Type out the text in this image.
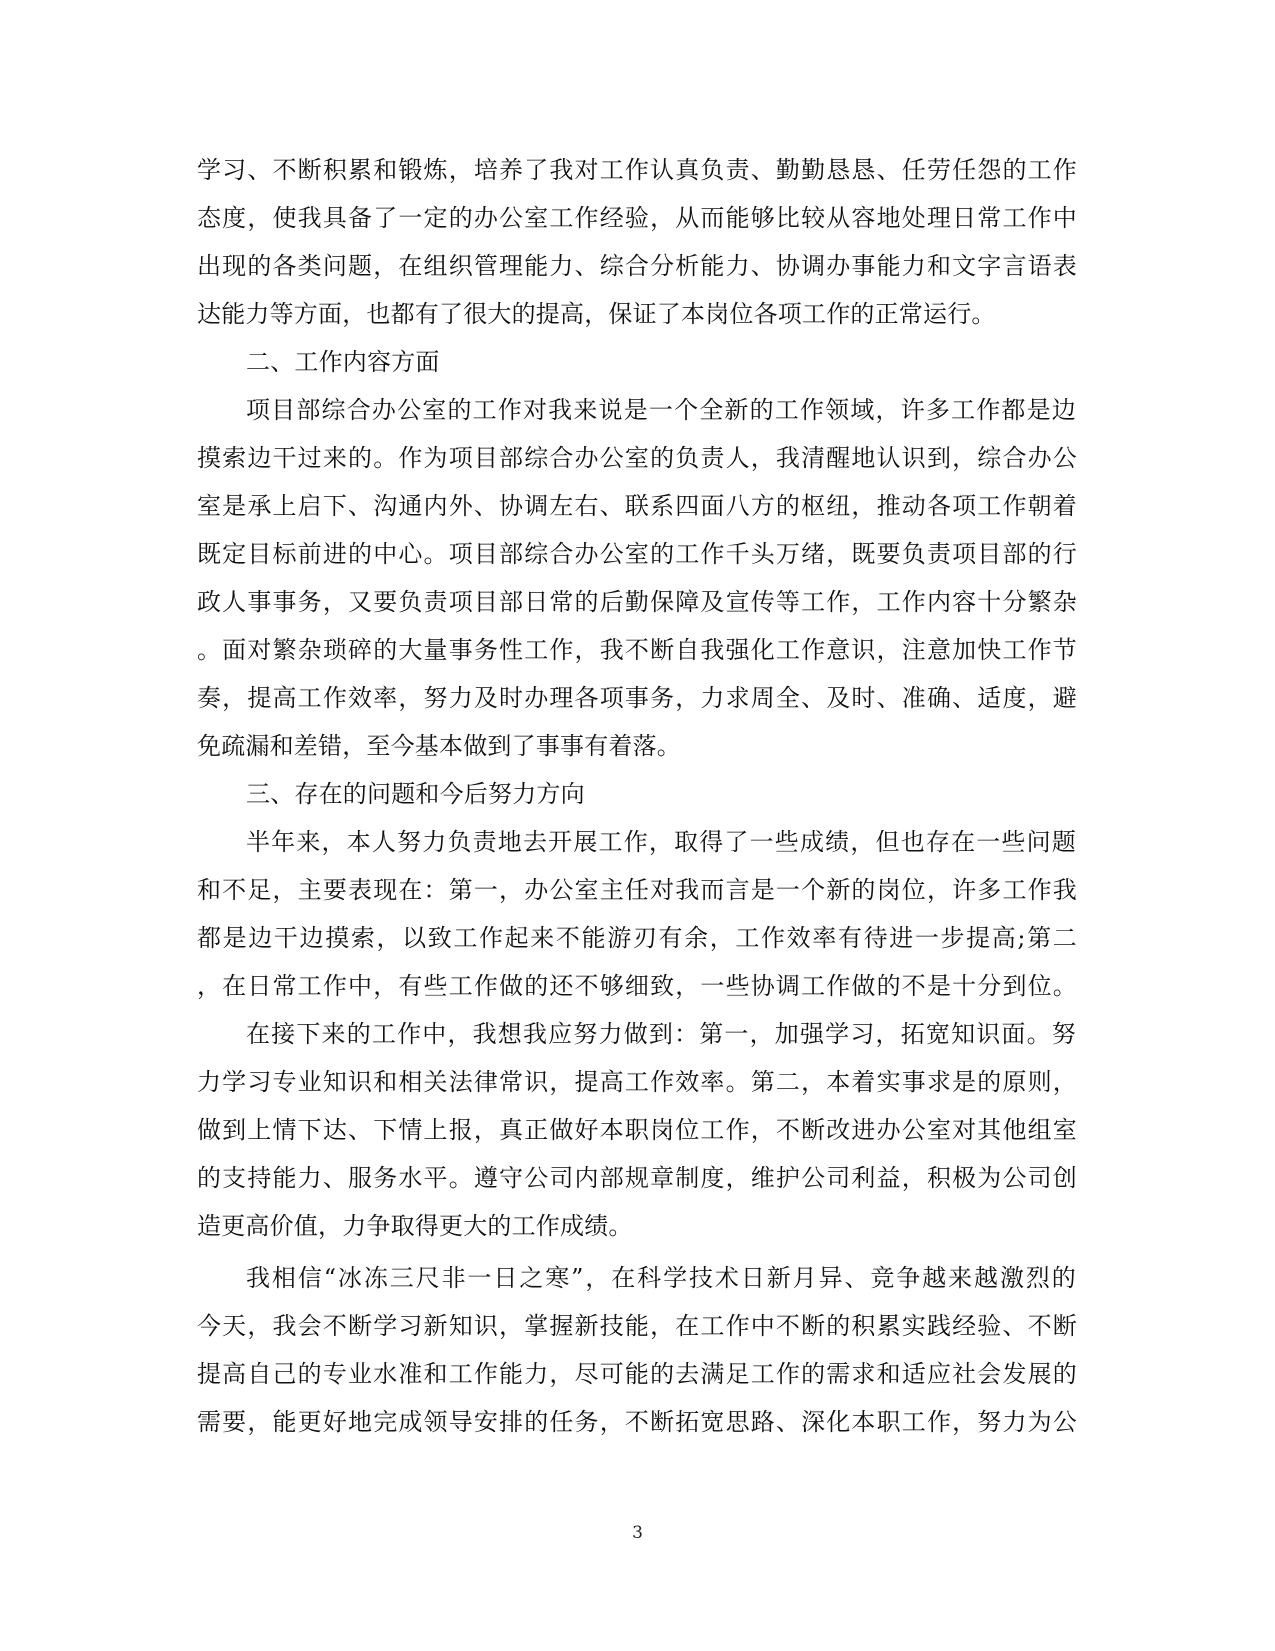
学习、不断积累和锻炼，培养了我对工作认真负责、勤勤恳恳、任劳任怨的工作
态度，使我具备了一定的办公室工作经验，从而能够比较从容地处理日常工作中
出现的各类问题，在组织管理能力、综合分析能力、协调办事能力和文字言语表
达能力等方面，也都有了很大的提高，保证了本岗位各项工作的正常运行。
二、工作内容方面
项目部综合办公室的工作对我来说是一个全新的工作领域，许多工作都是边
摸索边干过来的。作为项目部综合办公室的负责人，我清醒地认识到，综合办公
室是承上启下、沟通内外、协调左右、联系四面八方的枢纽，推动各项工作朝着
既定目标前进的中心。项目部综合办公室的工作千头万绪，既要负责项目部的行
政人事事务，又要负责项目部日常的后勤保障及宣传等工作，工作内容十分繁杂
。面对繁杂琐碎的大量事务性工作，我不断自我强化工作意识，注意加快工作节
奏，提高工作效率，努力及时办理各项事务，力求周全、及时、准确、适度，避
免疏漏和差错，至今基本做到了事事有着落。
三、存在的问题和今后努力方向
半年来，本人努力负责地去开展工作，取得了一些成绩，但也存在一些问题
和不足，主要表现在：第一，办公室主任对我而言是一个新的岗位，许多工作我
都是边干边摸索，以致工作起来不能游刃有余，工作效率有待进一步提高;第二
，在日常工作中，有些工作做的还不够细致，一些协调工作做的不是十分到位。
在接下来的工作中，我想我应努力做到：第一，加强学习，拓宽知识面。努
力学习专业知识和相关法律常识，提高工作效率。第二，本着实事求是的原则，
做到上情下达、下情上报，真正做好本职岗位工作，不断改进办公室对其他组室
的支持能力、服务水平。遵守公司内部规章制度，维护公司利益，积极为公司创
造更高价值，力争取得更大的工作成绩。
我相信“冰冻三尺非一日之寒”，在科学技术日新月异、竞争越来越激烈的
今天，我会不断学习新知识，掌握新技能，在工作中不断的积累实践经验、不断
提高自己的专业水准和工作能力，尽可能的去满足工作的需求和适应社会发展的
需要，能更好地完成领导安排的任务，不断拓宽思路、深化本职工作，努力为公
3
